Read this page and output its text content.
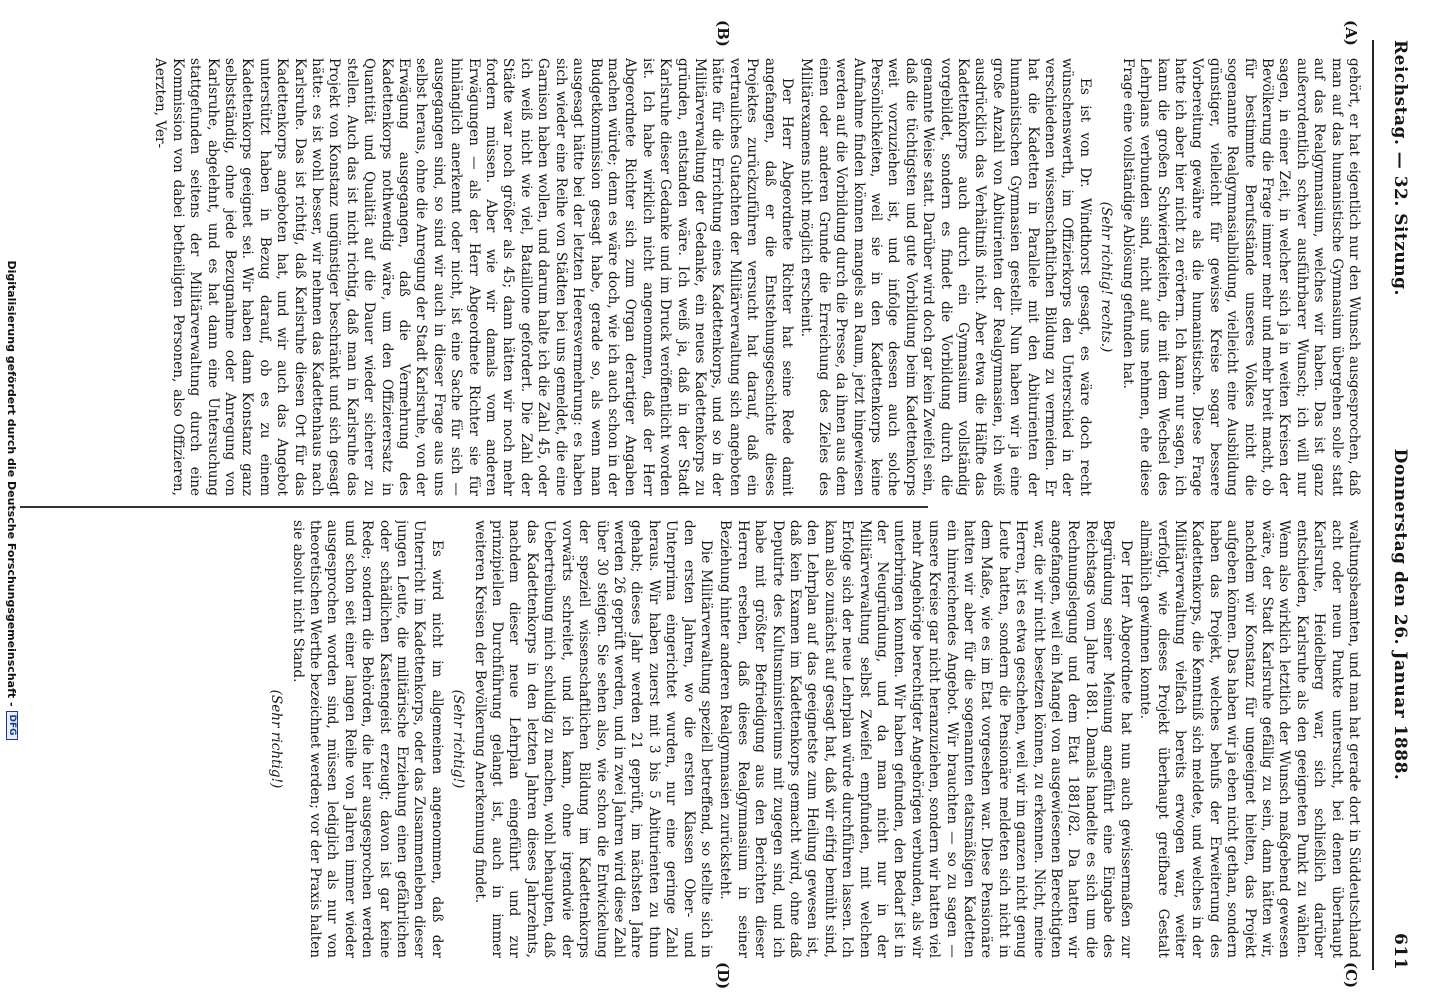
Reichstag. — 32. Sitzung.
Donnerstag den 26. Januar 1888.
611
(A)
(B)
(C)
(D)

gehört, er hat eigentlich nur den Wunsch ausgesprochen, daß man auf das humanistische Gymnasium übergehen solle statt auf das Realgymnasium, welches wir haben. Das ist ganz außerordentlich schwer ausführbarer Wunsch; ich will nur sagen, in einer Zeit, in welcher sich ja in weiten Kreisen der Bevölkerung die Frage immer mehr und mehr breit macht, ob für bestimmte Berufsstände unseres Volkes nicht die sogenannte Realgymnasialbildung, vielleicht eine Ausbildung günstiger, vielleicht für gewisse Kreise sogar bessere Vorbereitung gewähre als die humanistische. Diese Frage hatte ich aber hier nicht zu erörtern. Ich kann nur sagen, ich kann die großen Schwierigkeiten, die mit dem Wechsel des Lehrplans verbunden sind, nicht auf uns nehmen, ehe diese Frage eine vollständige Ablösung gefunden hat.

(Sehr richtig! rechts.)

Es ist von Dr. Windthorst gesagt, es wäre doch recht wünschenswerth, im Offizierkorps den Unterschied in der verschiedenen wissenschaftlichen Bildung zu vermeiden. Er hat die Kadetten in Parallele mit den Abiturienten der humanistischen Gymnasien gestellt. Nun haben wir ja eine große Anzahl von Abiturienten der Realgymnasien, ich weiß ausdrücklich das Verhältniß nicht. Aber etwa die Hälfte das Kadettenkorps auch durch ein Gymnasium vollständig vorgebildet, sondern es findet die Vorbildung durch die genannte Weise statt. Darüber wird doch gar kein Zweifel sein, daß die tüchtigsten und gute Vorbildung beim Kadettenkorps weit vorzuziehen ist, und infolge dessen auch solche Persönlichkeiten, weil sie in den Kadettenkorps keine Aufnahme finden können mangels an Raum, jetzt hingewiesen werden auf die Vorbildung durch die Presse, da ihnen aus dem einen oder anderen Grunde die Erreichung des Zieles des Militärexamens nicht möglich erscheint.

Der Herr Abgeordnete Richter hat seine Rede damit angefangen, daß er die Entstehungsgeschichte dieses Projektes zurückzuführen versucht hat darauf, daß ein vertrauliches Gutachten der Militärverwaltung sich angeboten hätte für die Errichtung eines Kadettenkorps, und so in der Militärverwaltung der Gedanke, ein neues Kadettenkorps zu gründen, entstanden wäre. Ich weiß ja, daß in der Stadt Karlsruhe dieser Gedanke und im Druck veröffentlicht worden ist. Ich habe wirklich nicht angenommen, daß der Herr Abgeordnete Richter sich zum Organ derartiger Angaben machen würde; denn es wäre doch, wie ich auch schon in der Budgetkommission gesagt habe, gerade so, als wenn man ausgesagt hätte bei der letzten Heeresvermehrung: es haben sich wieder eine Reihe von Städten bei uns gemeldet, die eine Garnison haben wollen, und darum halte ich die Zahl 45, oder ich weiß nicht wie viel, Bataillone gefordert. Die Zahl der Städte war noch größer als 45; dann hätten wir noch mehr fordern müssen. Aber wie wir damals vom anderen Erwägungen — als der Herr Abgeordnete Richter sie für hinlänglich anerkennt oder nicht, ist eine Sache für sich — ausgegangen sind, so sind wir auch in dieser Frage aus uns selbst heraus, ohne die Anregung der Stadt Karlsruhe, von der Erwägung ausgegangen, daß die Vermehrung des Kadettenkorps nothwendig wäre, um den Offizierersatz in Quantität und Qualität auf die Dauer wieder sicherer zu stellen. Auch das ist nicht richtig, daß man in Karlsruhe das Projekt von Konstanz ungünstiger beschränkt und sich gesagt hätte: es ist wohl besser, wir nehmen das Kadettenhaus nach Karlsruhe. Das ist richtig, daß Karlsruhe diesen Ort für das Kadettenkorps angeboten hat, und wir auch das Angebot unterstützt haben in Bezug darauf, ob es zu einem Kadettenkorps geeignet sei. Wir haben dann Konstanz ganz selbstständig, ohne jede Bezugnahme oder Anregung von Karlsruhe, abgelehnt, und es hat dann eine Untersuchung stattgefunden seitens der Militärverwaltung durch eine Kommission von dabei betheiligten Personen, also Offizieren, Aerzten, Ver-

waltungsbeamten, und man hat gerade dort in Süddeutschland acht oder neun Punkte untersucht, bei denen überhaupt Karlsruhe, Heidelberg war, sich schließlich darüber entschieden, Karlsruhe als den geeigneten Punkt zu wählen. Wenn also wirklich letztlich der Wunsch maßgebend gewesen wäre, der Stadt Karlsruhe gefällig zu sein, dann hätten wir, nachdem wir Konstanz für ungeeignet hielten, das Projekt aufgeben können. Das haben wir ja eben nicht gethan, sondern haben das Projekt, welches behufs der Erweiterung des Kadettenkorps, die Kenntniß sich meldete, und welches in der Militärverwaltung vielfach bereits erwogen war, weiter verfolgt, wie dieses Projekt überhaupt greifbare Gestalt allmählich gewinnen konnte.

Der Herr Abgeordnete hat nun auch gewissermaßen zur Begründung seiner Meinung angeführt eine Eingabe des Reichstags vom Jahre 1881. Damals handelte es sich um die Rechnungslegung und dem Etat 1881/82. Da hatten wir angefangen, weil ein Mangel von ausgewiesenen Berechtigten war, die wir nicht besetzen können, zu erkennen. Nicht, meine Herren, ist es etwa geschehen, weil wir im ganzen nicht genug Leute hatten, sondern die Pensionäre meldeten sich nicht in dem Maße, wie es im Etat vorgesehen war. Diese Pensionäre hatten wir aber für die sogenannten etatsmäßigen Kadetten ein hinreichendes Angebot. Wir brauchten — so zu sagen — unsere Kreise gar nicht heranzuziehen, sondern wir hatten viel mehr Angehörige berechtigter Angehörigen verbunden, als wir unterbringen konnten. Wir haben gefunden, den Bedarf ist in der Neugründung, und da man nicht nur in der Militärverwaltung selbst Zweifel empfunden, mit welchen Erfolge sich der neue Lehrplan würde durchführen lassen. Ich kann also zunächst auf gesagt hat, daß wir eifrig bemüht sind, den Lehrplan auf das geeignetste zum Heilung gewesen ist, daß kein Examen im Kadettenkorps gemacht wird, ohne daß Deputirte des Kultusministeriums mit zugegen sind, und ich habe mit größter Befriedigung aus den Berichten dieser Herren ersehen, daß dieses Realgymnasium in seiner Beziehung hinter anderen Realgymnasien zurücksteht.

Die Militärverwaltung speziell betreffend, so stellte sich in den ersten Jahren, wo die ersten Klassen Ober- und Unterprima eingerichtet wurden, nur eine geringe Zahl heraus. Wir haben zuerst mit 3 bis 5 Abiturienten zu thun gehabt; dieses Jahr werden 21 geprüft, im nächsten Jahre werden 26 geprüft werden, und in zwei Jahren wird diese Zahl über 30 steigen. Sie sehen also, wie schon die Entwickelung der speziell wissenschaftlichen Bildung im Kadettenkorps vorwärts schreitet, und ich kann, ohne irgendwie der Uebertreibung mich schuldig zu machen, wohl behaupten, daß das Kadettenkorps in den letzten Jahren dieses Jahrzehnts, nachdem dieser neue Lehrplan eingeführt und zur prinzipiellen Durchführung gelangt ist, auch in immer weiteren Kreisen der Bevölkerung Anerkennung findet.

(Sehr richtig!)

Es wird nicht im allgemeinen angenommen, daß der Unterricht im Kadettenkorps, oder das Zusammenleben dieser jungen Leute, die militärische Erziehung einen gefährlichen oder schädlichen Kastengeist erzeugt; davon ist gar keine Rede; sondern die Behörden, die hier ausgesprochen werden und schon seit einer langen Reihe von Jahren immer wieder ausgesprochen worden sind, müssen lediglich als nur von theoretischen Werthe bezeichnet werden; vor der Praxis halten sie absolut nicht Stand.

(Sehr richtig!)

Digitalisierung gefördert durch die Deutsche Forschungsgemeinschaft -
DFG
